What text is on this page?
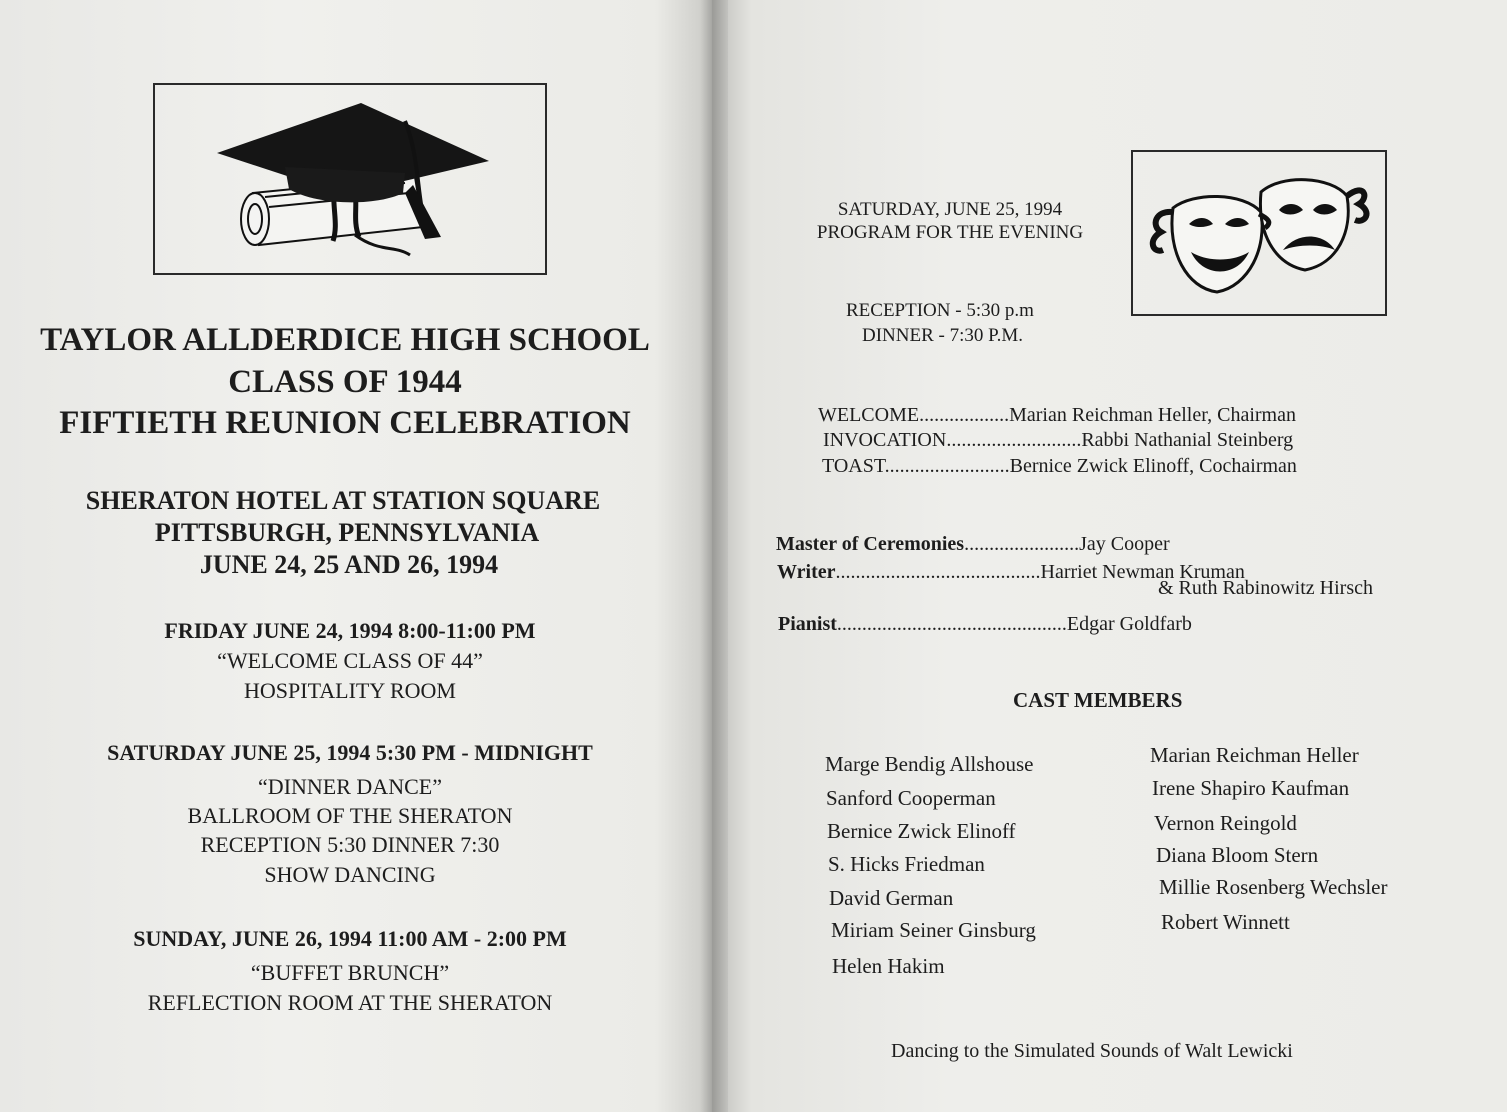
TAYLOR ALLDERDICE HIGH SCHOOL
CLASS OF 1944
FIFTIETH REUNION CELEBRATION
SHERATON HOTEL AT STATION SQUARE
PITTSBURGH, PENNSYLVANIA
JUNE 24, 25 AND 26, 1994
FRIDAY JUNE 24, 1994 8:00-11:00 PM
“WELCOME CLASS OF 44”
HOSPITALITY ROOM
SATURDAY JUNE 25, 1994 5:30 PM - MIDNIGHT
“DINNER DANCE”
BALLROOM OF THE SHERATON
RECEPTION 5:30 DINNER 7:30
SHOW DANCING
SUNDAY, JUNE 26, 1994 11:00 AM - 2:00 PM
“BUFFET BRUNCH”
REFLECTION ROOM AT THE SHERATON
SATURDAY, JUNE 25, 1994
PROGRAM FOR THE EVENING
RECEPTION - 5:30 p.m
DINNER - 7:30 P.M.
WELCOME..................Marian Reichman Heller, Chairman
INVOCATION...........................Rabbi Nathanial Steinberg
TOAST.........................Bernice Zwick Elinoff, Cochairman
Master of Ceremonies.......................Jay Cooper
Writer.........................................Harriet Newman Kruman
& Ruth Rabinowitz Hirsch
Pianist..............................................Edgar Goldfarb
CAST MEMBERS
Marge Bendig Allshouse
Sanford Cooperman
Bernice Zwick Elinoff
S. Hicks Friedman
David German
Miriam Seiner Ginsburg
Helen Hakim
Marian Reichman Heller
Irene Shapiro Kaufman
Vernon Reingold
Diana Bloom Stern
Millie Rosenberg Wechsler
Robert Winnett
Dancing to the Simulated Sounds of Walt Lewicki
